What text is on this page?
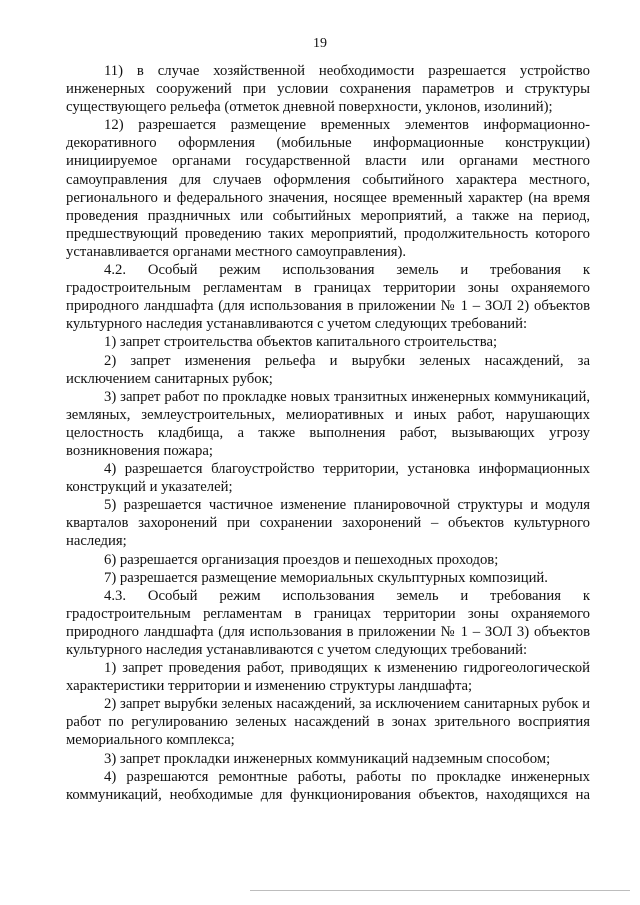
19

11) в случае хозяйственной необходимости разрешается устройство инженерных сооружений при условии сохранения параметров и структуры существующего рельефа (отметок дневной поверхности, уклонов, изолиний);

12) разрешается размещение временных элементов информационно-декоративного оформления (мобильные информационные конструкции) инициируемое органами государственной власти или органами местного самоуправления для случаев оформления событийного характера местного, регионального и федерального значения, носящее временный характер (на время проведения праздничных или событийных мероприятий, а также на период, предшествующий проведению таких мероприятий, продолжительность которого устанавливается органами местного самоуправления).

4.2. Особый режим использования земель и требования к градостроительным регламентам в границах территории зоны охраняемого природного ландшафта (для использования в приложении № 1 – ЗОЛ 2) объектов культурного наследия устанавливаются с учетом следующих требований:

1) запрет строительства объектов капитального строительства;

2) запрет изменения рельефа и вырубки зеленых насаждений, за исключением санитарных рубок;

3) запрет работ по прокладке новых транзитных инженерных коммуникаций, земляных, землеустроительных, мелиоративных и иных работ, нарушающих целостность кладбища, а также выполнения работ, вызывающих угрозу возникновения пожара;

4) разрешается благоустройство территории, установка информационных конструкций и указателей;

5) разрешается частичное изменение планировочной структуры и модуля кварталов захоронений при сохранении захоронений – объектов культурного наследия;

6) разрешается организация проездов и пешеходных проходов;

7) разрешается размещение мемориальных скульптурных композиций.

4.3. Особый режим использования земель и требования к градостроительным регламентам в границах территории зоны охраняемого природного ландшафта (для использования в приложении № 1 – ЗОЛ 3) объектов культурного наследия устанавливаются с учетом следующих требований:

1) запрет проведения работ, приводящих к изменению гидрогеологической характеристики территории и изменению структуры ландшафта;

2) запрет вырубки зеленых насаждений, за исключением санитарных рубок и работ по регулированию зеленых насаждений в зонах зрительного восприятия мемориального комплекса;

3) запрет прокладки инженерных коммуникаций надземным способом;

4) разрешаются ремонтные работы, работы по прокладке инженерных коммуникаций, необходимые для функционирования объектов, находящихся на
